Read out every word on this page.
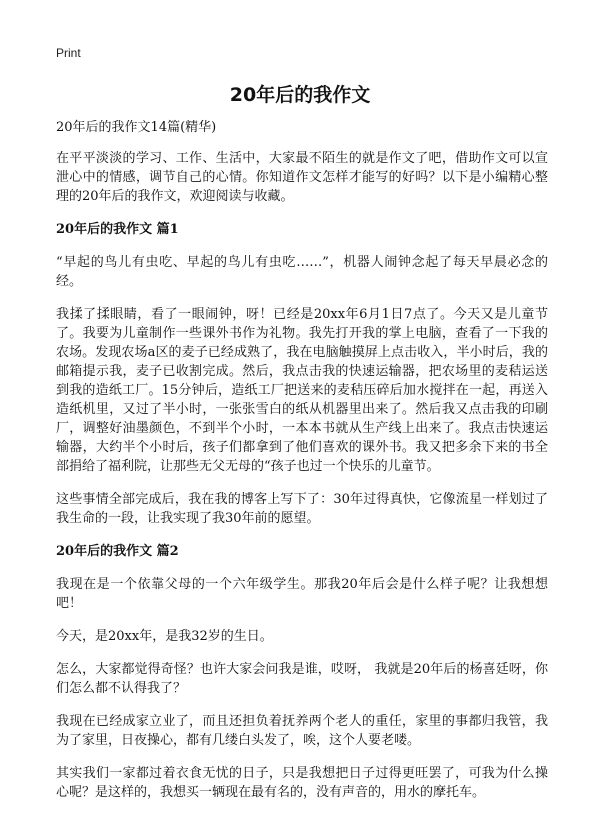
Print
20年后的我作文

20年后的我作文14篇(精华)

在平平淡淡的学习、工作、生活中，大家最不陌生的就是作文了吧，借助作文可以宣泄心中的情感，调节自己的心情。你知道作文怎样才能写的好吗？以下是小编精心整理的20年后的我作文，欢迎阅读与收藏。

20年后的我作文 篇1

“早起的鸟儿有虫吃、早起的鸟儿有虫吃……”，机器人闹钟念起了每天早晨必念的经。

我揉了揉眼睛，看了一眼闹钟，呀！已经是20xx年6月1日7点了。今天又是儿童节了。我要为儿童制作一些课外书作为礼物。我先打开我的掌上电脑，查看了一下我的农场。发现农场a区的麦子已经成熟了，我在电脑触摸屏上点击收入，半小时后，我的邮箱提示我，麦子已收割完成。然后，我点击我的快速运输器，把农场里的麦秸运送到我的造纸工厂。15分钟后，造纸工厂把送来的麦秸压碎后加水搅拌在一起，再送入造纸机里，又过了半小时，一张张雪白的纸从机器里出来了。然后我又点击我的印刷厂，调整好油墨颜色，不到半个小时，一本本书就从生产线上出来了。我点击快速运输器，大约半个小时后，孩子们都拿到了他们喜欢的课外书。我又把多余下来的书全部捐给了福利院，让那些无父无母的“孩子也过一个快乐的儿童节。

这些事情全部完成后，我在我的博客上写下了：30年过得真快，它像流星一样划过了我生命的一段，让我实现了我30年前的愿望。

20年后的我作文 篇2

我现在是一个依靠父母的一个六年级学生。那我20年后会是什么样子呢？让我想想吧！

今天，是20xx年，是我32岁的生日。

怎么，大家都觉得奇怪？也许大家会问我是谁，哎呀， 我就是20年后的杨喜廷呀，你们怎么都不认得我了？

我现在已经成家立业了，而且还担负着抚养两个老人的重任，家里的事都归我管，我为了家里，日夜操心，都有几缕白头发了，唉，这个人要老喽。

其实我们一家都过着衣食无忧的日子，只是我想把日子过得更旺罢了，可我为什么操心呢？是这样的，我想买一辆现在最有名的，没有声音的，用水的摩托车。
